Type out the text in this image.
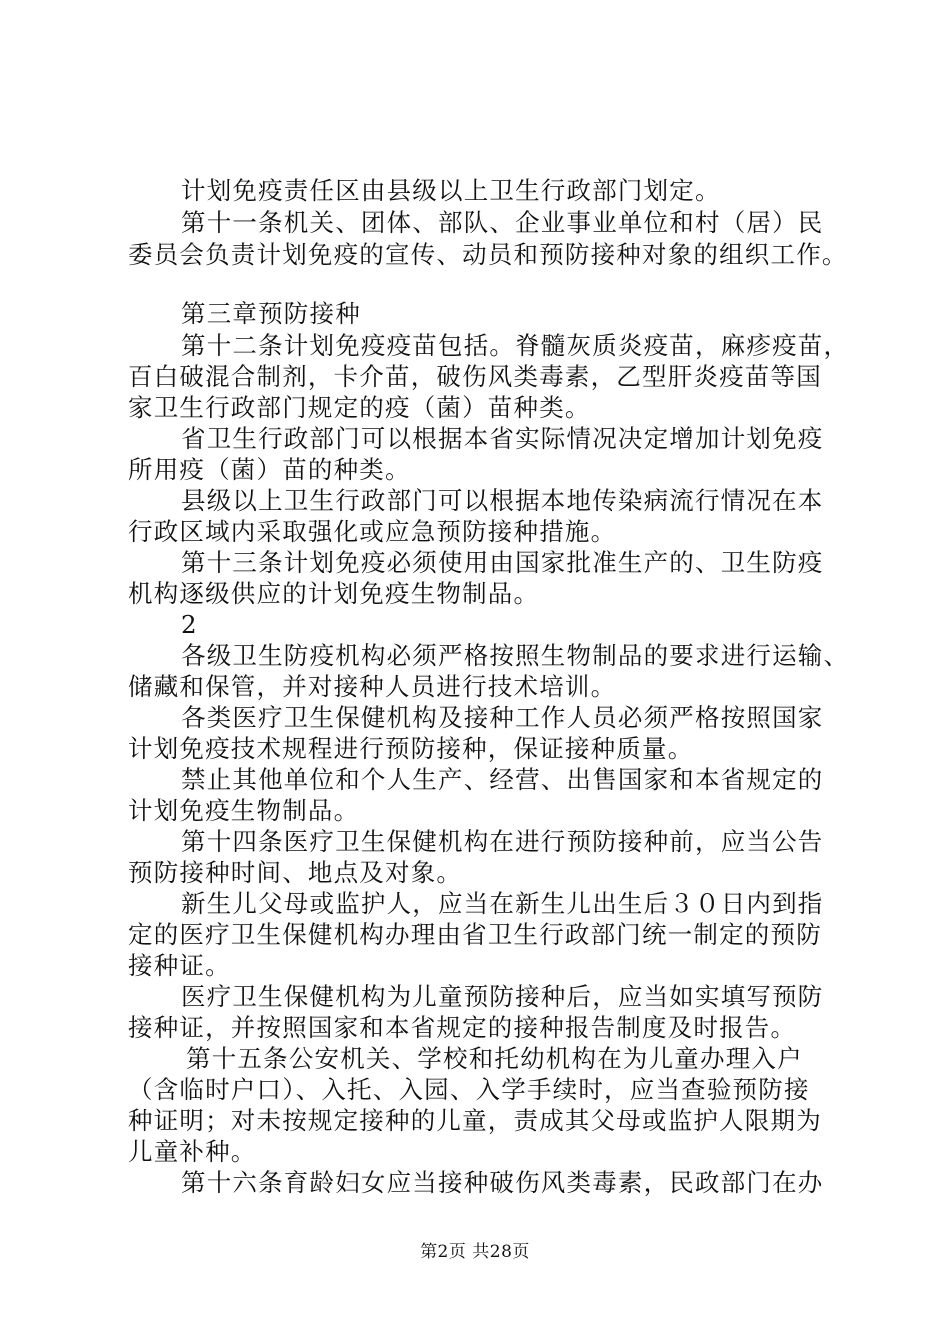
计划免疫责任区由县级以上卫生行政部门划定。
第十一条机关、团体、部队、企业事业单位和村（居）民
委员会负责计划免疫的宣传、动员和预防接种对象的组织工作。
第三章预防接种
第十二条计划免疫疫苗包括。脊髓灰质炎疫苗，麻疹疫苗，
百白破混合制剂，卡介苗，破伤风类毒素，乙型肝炎疫苗等国
家卫生行政部门规定的疫（菌）苗种类。
省卫生行政部门可以根据本省实际情况决定增加计划免疫
所用疫（菌）苗的种类。
县级以上卫生行政部门可以根据本地传染病流行情况在本
行政区域内采取强化或应急预防接种措施。
第十三条计划免疫必须使用由国家批准生产的、卫生防疫
机构逐级供应的计划免疫生物制品。
2
各级卫生防疫机构必须严格按照生物制品的要求进行运输、
储藏和保管，并对接种人员进行技术培训。
各类医疗卫生保健机构及接种工作人员必须严格按照国家
计划免疫技术规程进行预防接种，保证接种质量。
禁止其他单位和个人生产、经营、出售国家和本省规定的
计划免疫生物制品。
第十四条医疗卫生保健机构在进行预防接种前，应当公告
预防接种时间、地点及对象。
新生儿父母或监护人，应当在新生儿出生后３０日内到指
定的医疗卫生保健机构办理由省卫生行政部门统一制定的预防
接种证。
医疗卫生保健机构为儿童预防接种后，应当如实填写预防
接种证，并按照国家和本省规定的接种报告制度及时报告。
第十五条公安机关、学校和托幼机构在为儿童办理入户
（含临时户口）、入托、入园、入学手续时，应当查验预防接
种证明；对未按规定接种的儿童，责成其父母或监护人限期为
儿童补种。
第十六条育龄妇女应当接种破伤风类毒素，民政部门在办
第2页 共28页
